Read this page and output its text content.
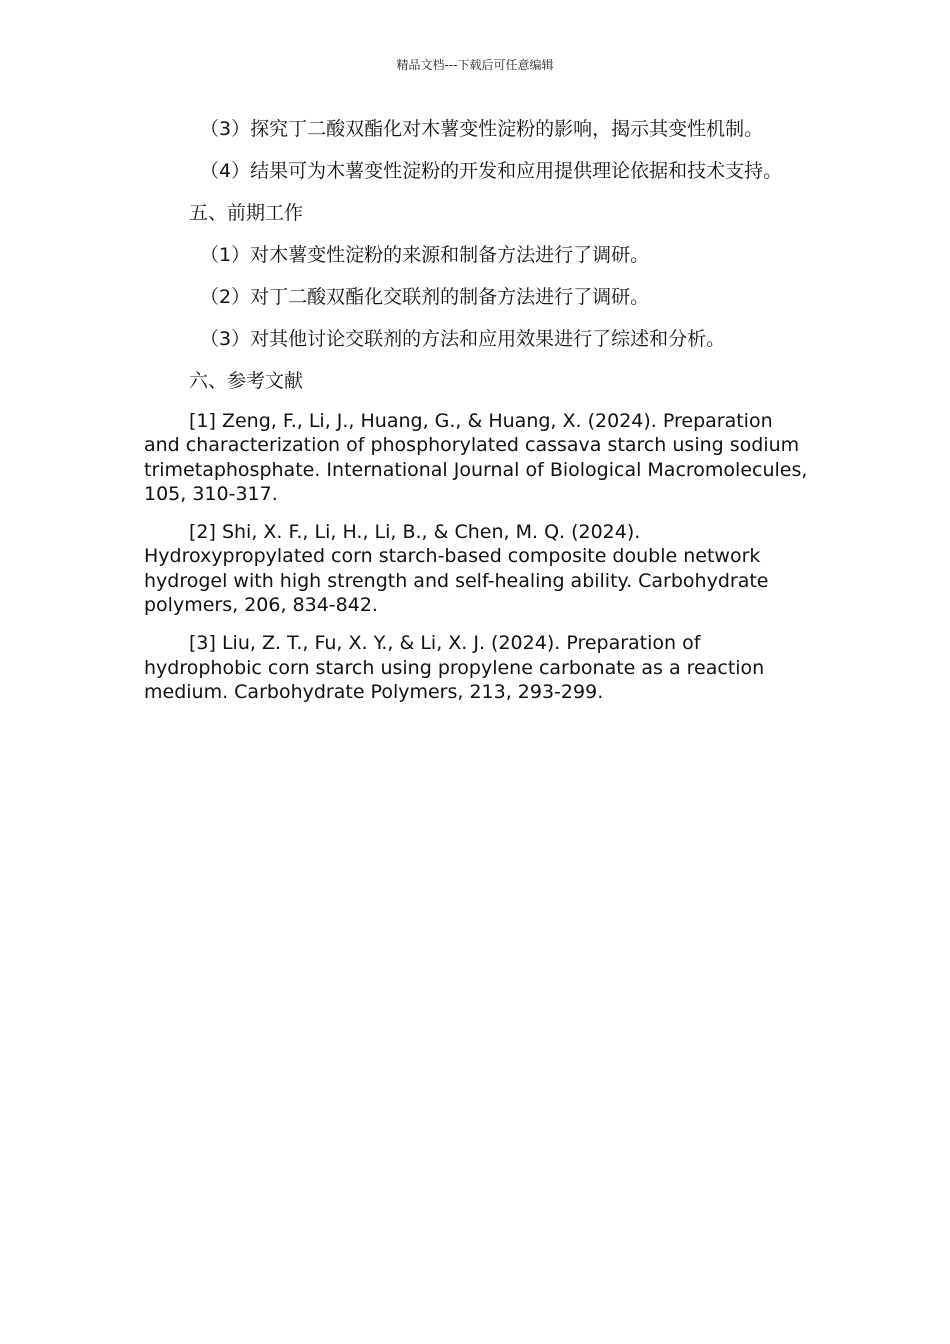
精品文档---下载后可任意编辑
（3）探究丁二酸双酯化对木薯变性淀粉的影响，揭示其变性机制。
（4）结果可为木薯变性淀粉的开发和应用提供理论依据和技术支持。
五、前期工作
（1）对木薯变性淀粉的来源和制备方法进行了调研。
（2）对丁二酸双酯化交联剂的制备方法进行了调研。
（3）对其他讨论交联剂的方法和应用效果进行了综述和分析。
六、参考文献
[1] Zeng, F., Li, J., Huang, G., & Huang, X. (2024). Preparation and characterization of phosphorylated cassava starch using sodium trimetaphosphate. International Journal of Biological Macromolecules, 105, 310-317.
[2] Shi, X. F., Li, H., Li, B., & Chen, M. Q. (2024). Hydroxypropylated corn starch-based composite double network hydrogel with high strength and self-healing ability. Carbohydrate polymers, 206, 834-842.
[3] Liu, Z. T., Fu, X. Y., & Li, X. J. (2024). Preparation of hydrophobic corn starch using propylene carbonate as a reaction medium. Carbohydrate Polymers, 213, 293-299.
